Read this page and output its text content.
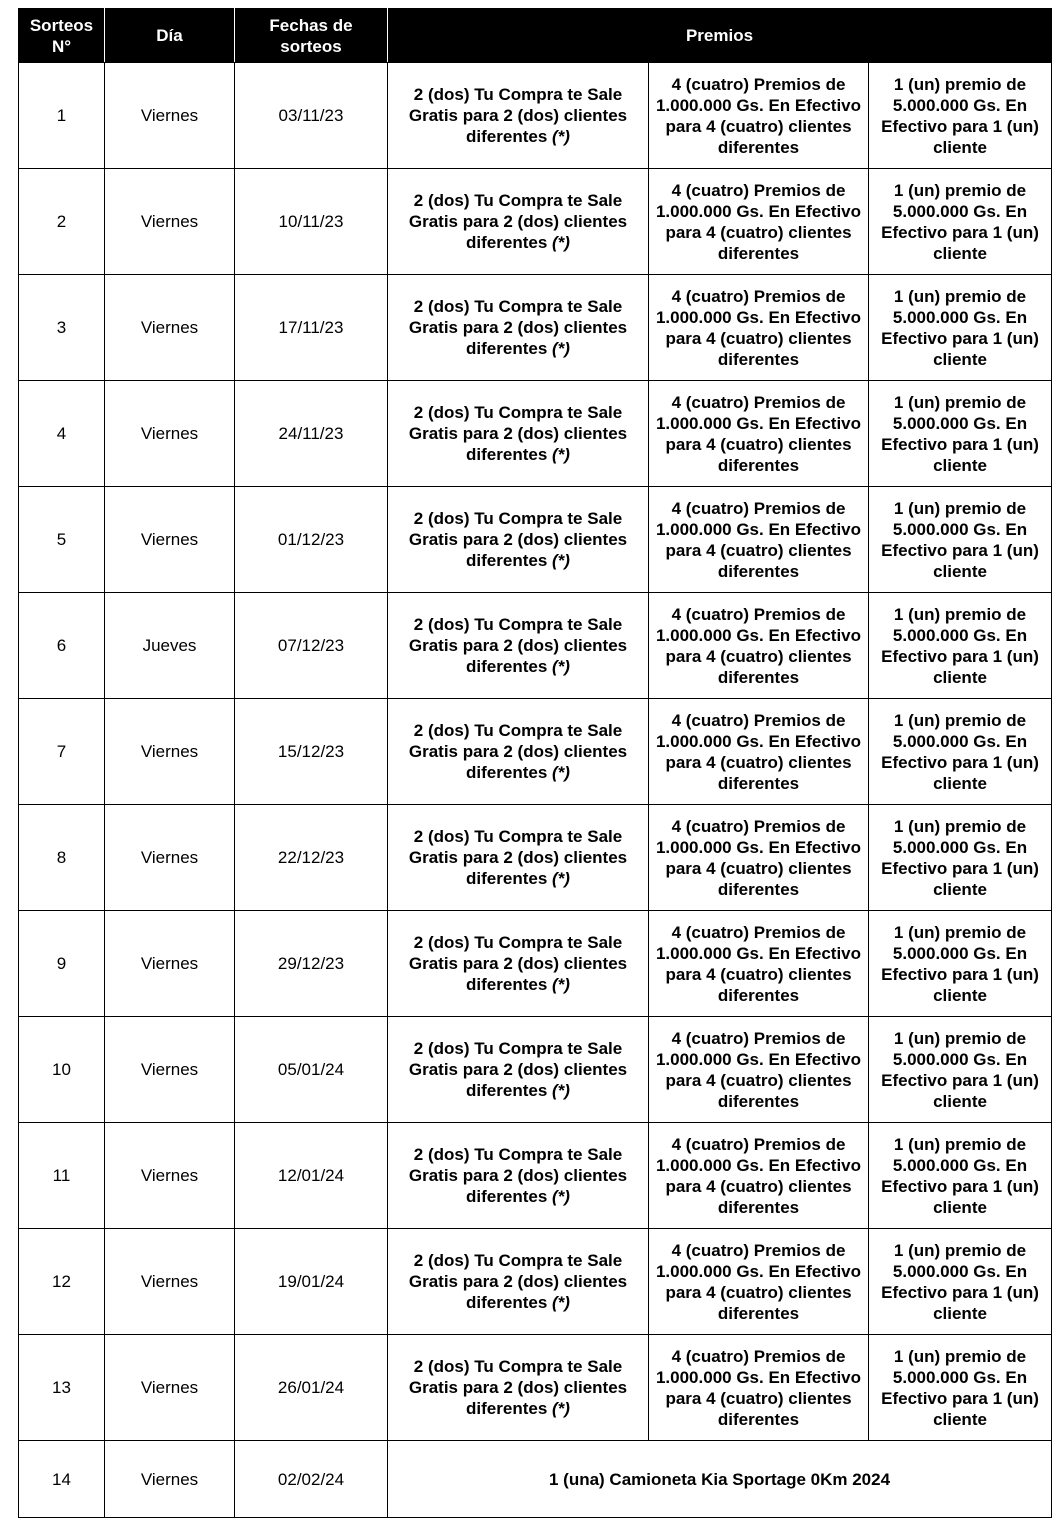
Sorteos N°	Día	Fechas de sorteos	Premios		
1	Viernes	03/11/23	2 (dos) Tu Compra te Sale Gratis para 2 (dos) clientes diferentes (*)	4 (cuatro) Premios de 1.000.000 Gs. En Efectivo para 4 (cuatro) clientes diferentes	1 (un) premio de 5.000.000 Gs. En Efectivo para 1 (un) cliente
2	Viernes	10/11/23	2 (dos) Tu Compra te Sale Gratis para 2 (dos) clientes diferentes (*)	4 (cuatro) Premios de 1.000.000 Gs. En Efectivo para 4 (cuatro) clientes diferentes	1 (un) premio de 5.000.000 Gs. En Efectivo para 1 (un) cliente
3	Viernes	17/11/23	2 (dos) Tu Compra te Sale Gratis para 2 (dos) clientes diferentes (*)	4 (cuatro) Premios de 1.000.000 Gs. En Efectivo para 4 (cuatro) clientes diferentes	1 (un) premio de 5.000.000 Gs. En Efectivo para 1 (un) cliente
4	Viernes	24/11/23	2 (dos) Tu Compra te Sale Gratis para 2 (dos) clientes diferentes (*)	4 (cuatro) Premios de 1.000.000 Gs. En Efectivo para 4 (cuatro) clientes diferentes	1 (un) premio de 5.000.000 Gs. En Efectivo para 1 (un) cliente
5	Viernes	01/12/23	2 (dos) Tu Compra te Sale Gratis para 2 (dos) clientes diferentes (*)	4 (cuatro) Premios de 1.000.000 Gs. En Efectivo para 4 (cuatro) clientes diferentes	1 (un) premio de 5.000.000 Gs. En Efectivo para 1 (un) cliente
6	Jueves	07/12/23	2 (dos) Tu Compra te Sale Gratis para 2 (dos) clientes diferentes (*)	4 (cuatro) Premios de 1.000.000 Gs. En Efectivo para 4 (cuatro) clientes diferentes	1 (un) premio de 5.000.000 Gs. En Efectivo para 1 (un) cliente
7	Viernes	15/12/23	2 (dos) Tu Compra te Sale Gratis para 2 (dos) clientes diferentes (*)	4 (cuatro) Premios de 1.000.000 Gs. En Efectivo para 4 (cuatro) clientes diferentes	1 (un) premio de 5.000.000 Gs. En Efectivo para 1 (un) cliente
8	Viernes	22/12/23	2 (dos) Tu Compra te Sale Gratis para 2 (dos) clientes diferentes (*)	4 (cuatro) Premios de 1.000.000 Gs. En Efectivo para 4 (cuatro) clientes diferentes	1 (un) premio de 5.000.000 Gs. En Efectivo para 1 (un) cliente
9	Viernes	29/12/23	2 (dos) Tu Compra te Sale Gratis para 2 (dos) clientes diferentes (*)	4 (cuatro) Premios de 1.000.000 Gs. En Efectivo para 4 (cuatro) clientes diferentes	1 (un) premio de 5.000.000 Gs. En Efectivo para 1 (un) cliente
10	Viernes	05/01/24	2 (dos) Tu Compra te Sale Gratis para 2 (dos) clientes diferentes (*)	4 (cuatro) Premios de 1.000.000 Gs. En Efectivo para 4 (cuatro) clientes diferentes	1 (un) premio de 5.000.000 Gs. En Efectivo para 1 (un) cliente
11	Viernes	12/01/24	2 (dos) Tu Compra te Sale Gratis para 2 (dos) clientes diferentes (*)	4 (cuatro) Premios de 1.000.000 Gs. En Efectivo para 4 (cuatro) clientes diferentes	1 (un) premio de 5.000.000 Gs. En Efectivo para 1 (un) cliente
12	Viernes	19/01/24	2 (dos) Tu Compra te Sale Gratis para 2 (dos) clientes diferentes (*)	4 (cuatro) Premios de 1.000.000 Gs. En Efectivo para 4 (cuatro) clientes diferentes	1 (un) premio de 5.000.000 Gs. En Efectivo para 1 (un) cliente
13	Viernes	26/01/24	2 (dos) Tu Compra te Sale Gratis para 2 (dos) clientes diferentes (*)	4 (cuatro) Premios de 1.000.000 Gs. En Efectivo para 4 (cuatro) clientes diferentes	1 (un) premio de 5.000.000 Gs. En Efectivo para 1 (un) cliente
14	Viernes	02/02/24	1 (una) Camioneta Kia Sportage 0Km 2024		
